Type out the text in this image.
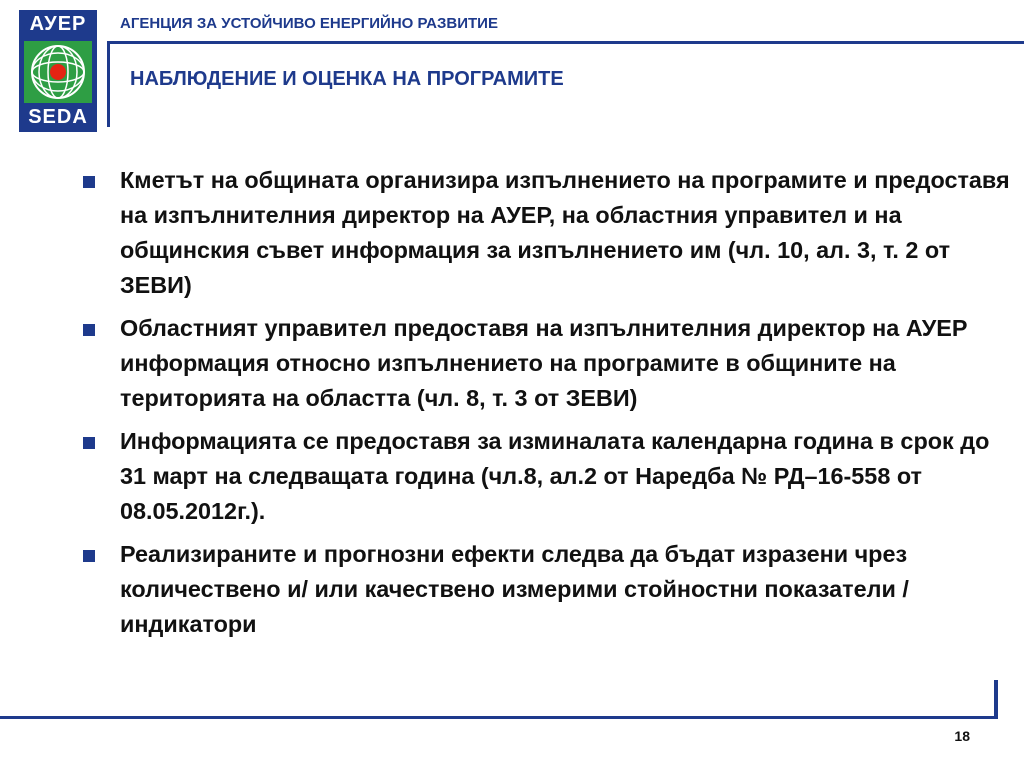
АУЕР
SEDA
АГЕНЦИЯ ЗА УСТОЙЧИВО ЕНЕРГИЙНО РАЗВИТИЕ
НАБЛЮДЕНИЕ И ОЦЕНКА НА ПРОГРАМИТЕ
Кметът на общината организира изпълнението на програмите и предоставя на изпълнителния директор на АУЕР, на областния управител и на общинския съвет информация за изпълнението им (чл. 10, ал. 3, т. 2 от ЗЕВИ)
Областният управител предоставя на изпълнителния директор на АУЕР информация относно изпълнението на програмите в общините на територията на областта (чл. 8, т. 3 от ЗЕВИ)
Информацията се предоставя за изминалата календарна година в срок до 31 март на следващата година (чл.8, ал.2 от Наредба № РД–16-558 от 08.05.2012г.).
Реализираните и прогнозни ефекти следва да бъдат изразени чрез количествено и/ или качествено измерими стойностни показатели /индикатори
18
